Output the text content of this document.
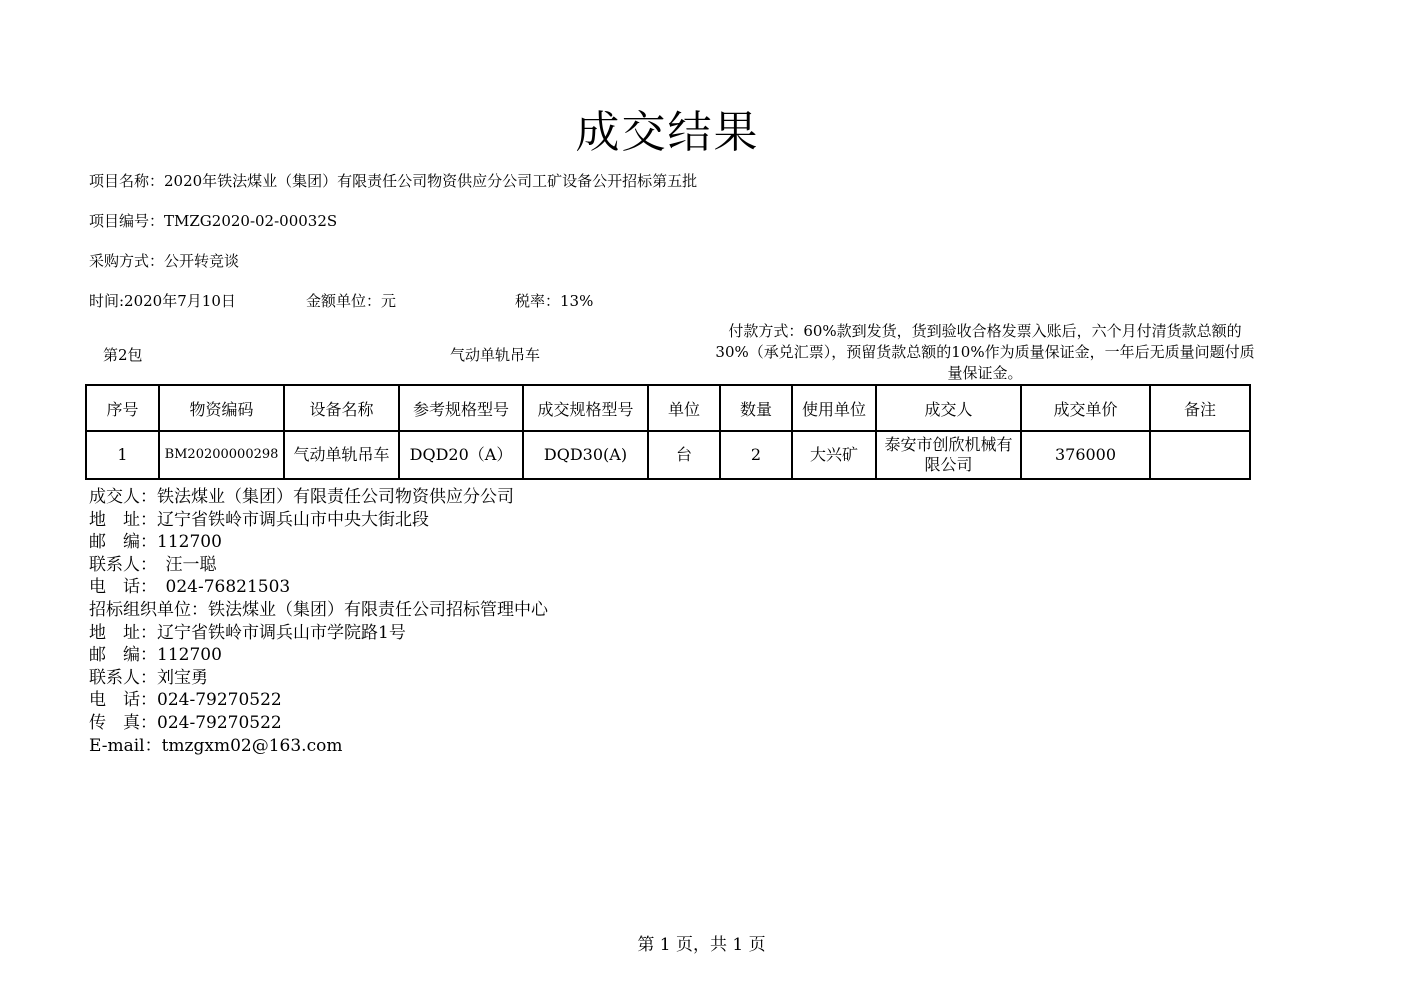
成交结果
项目名称：2020年铁法煤业（集团）有限责任公司物资供应分公司工矿设备公开招标第五批
项目编号：TMZG2020-02-00032S
采购方式：公开转竞谈
时间:2020年7月10日	金额单位：元	税率：13%
第2包	气动单轨吊车
付款方式：60%款到发货，货到验收合格发票入账后，六个月付清货款总额的30%（承兑汇票），预留货款总额的10%作为质量保证金，一年后无质量问题付质量保证金。
序号	物资编码	设备名称	参考规格型号	成交规格型号	单位	数量	使用单位	成交人	成交单价	备注
1	BM20200000298	气动单轨吊车	DQD20（A）	DQD30(A)	台	2	大兴矿	泰安市创欣机械有限公司	376000	
成交人：铁法煤业（集团）有限责任公司物资供应分公司
地　址：辽宁省铁岭市调兵山市中央大街北段
邮　编：112700
联系人：　汪一聪
电　话：　024-76821503
招标组织单位：铁法煤业（集团）有限责任公司招标管理中心
地　址：辽宁省铁岭市调兵山市学院路1号
邮　编：112700
联系人：刘宝勇
电　话：024-79270522
传　真：024-79270522
E-mail：tmzgxm02@163.com
第 1 页，共 1 页
